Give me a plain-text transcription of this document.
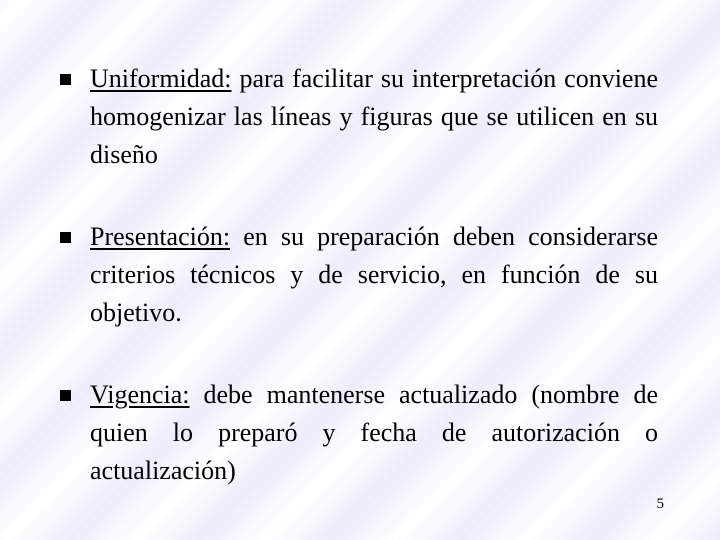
Uniformidad: para facilitar su interpretación conviene homogenizar las líneas y figuras que se utilicen en su diseño
Presentación: en su preparación deben considerarse criterios técnicos y de servicio, en función de su objetivo.
Vigencia: debe mantenerse actualizado (nombre de quien lo preparó y fecha de autorización o actualización)
5
